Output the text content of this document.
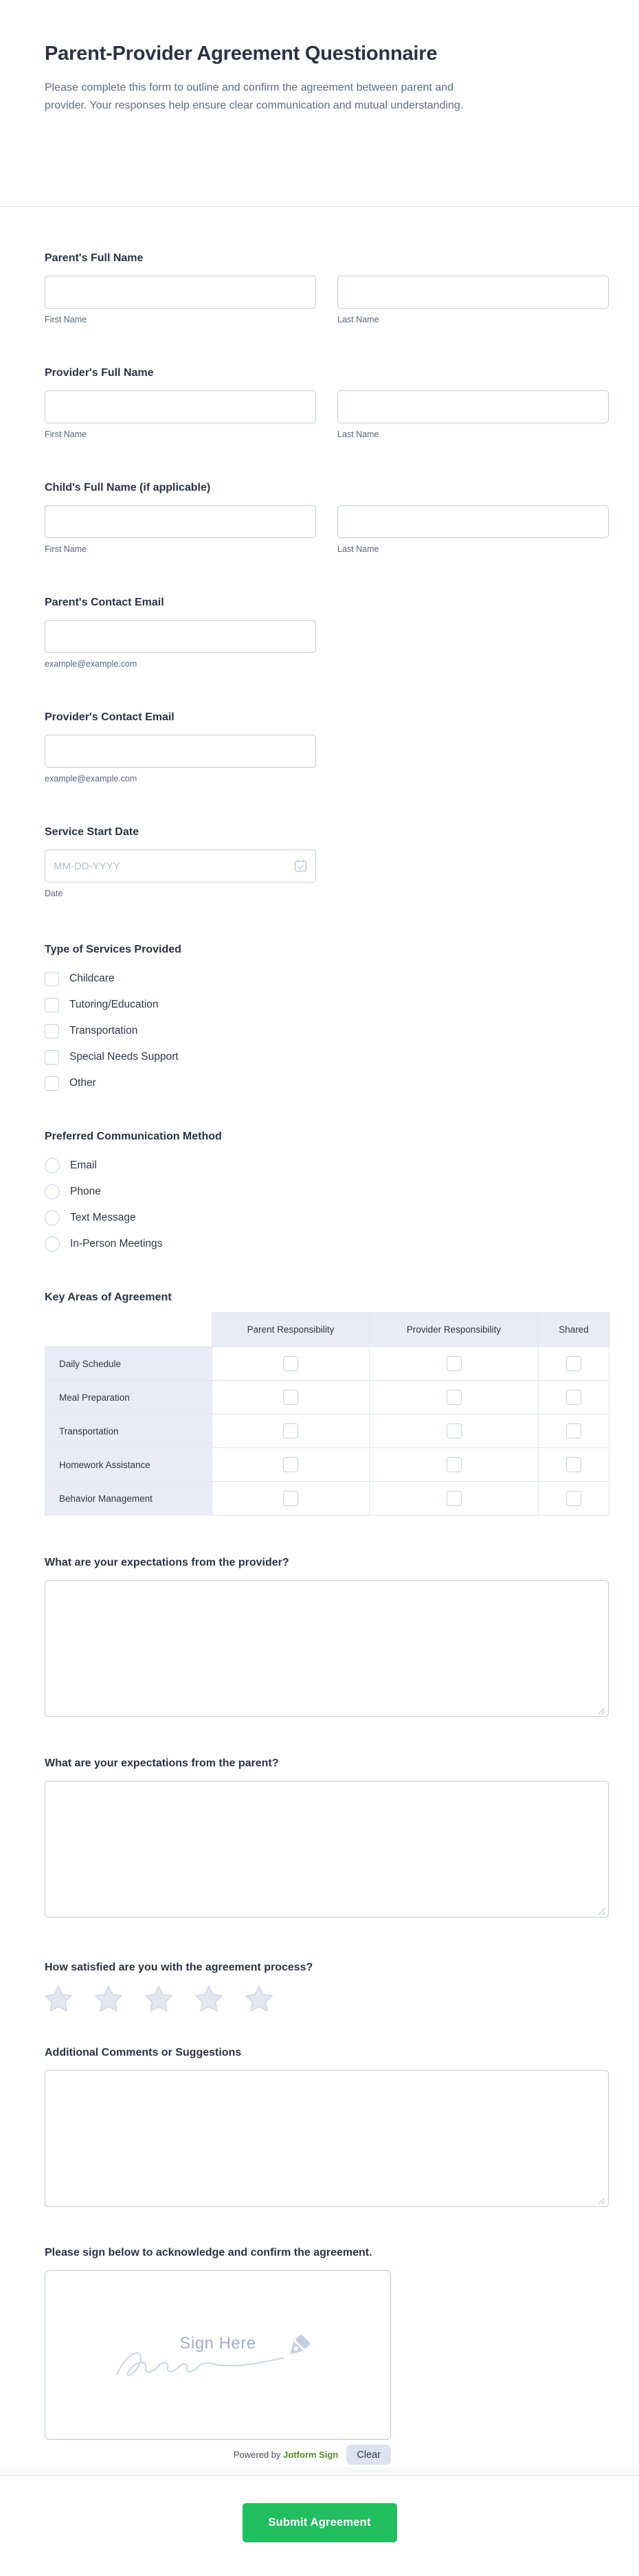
Parent-Provider Agreement Questionnaire

Please complete this form to outline and confirm the agreement between parent and provider. Your responses help ensure clear communication and mutual understanding.

Parent's Full Name
First Name	Last Name
Provider's Full Name
First Name	Last Name
Child's Full Name (if applicable)
First Name	Last Name
Parent's Contact Email
example@example.com
Provider's Contact Email
example@example.com
Service Start Date
MM-DD-YYYY
Date
Type of Services Provided
Childcare
Tutoring/Education
Transportation
Special Needs Support
Other
Preferred Communication Method
Email
Phone
Text Message
In-Person Meetings
Key Areas of Agreement
	Parent Responsibility	Provider Responsibility	Shared
Daily Schedule			
Meal Preparation			
Transportation			
Homework Assistance			
Behavior Management			
What are your expectations from the provider?
What are your expectations from the parent?
How satisfied are you with the agreement process?
Additional Comments or Suggestions
Please sign below to acknowledge and confirm the agreement.
Sign Here
Powered by Jotform Sign	Clear
Submit Agreement
